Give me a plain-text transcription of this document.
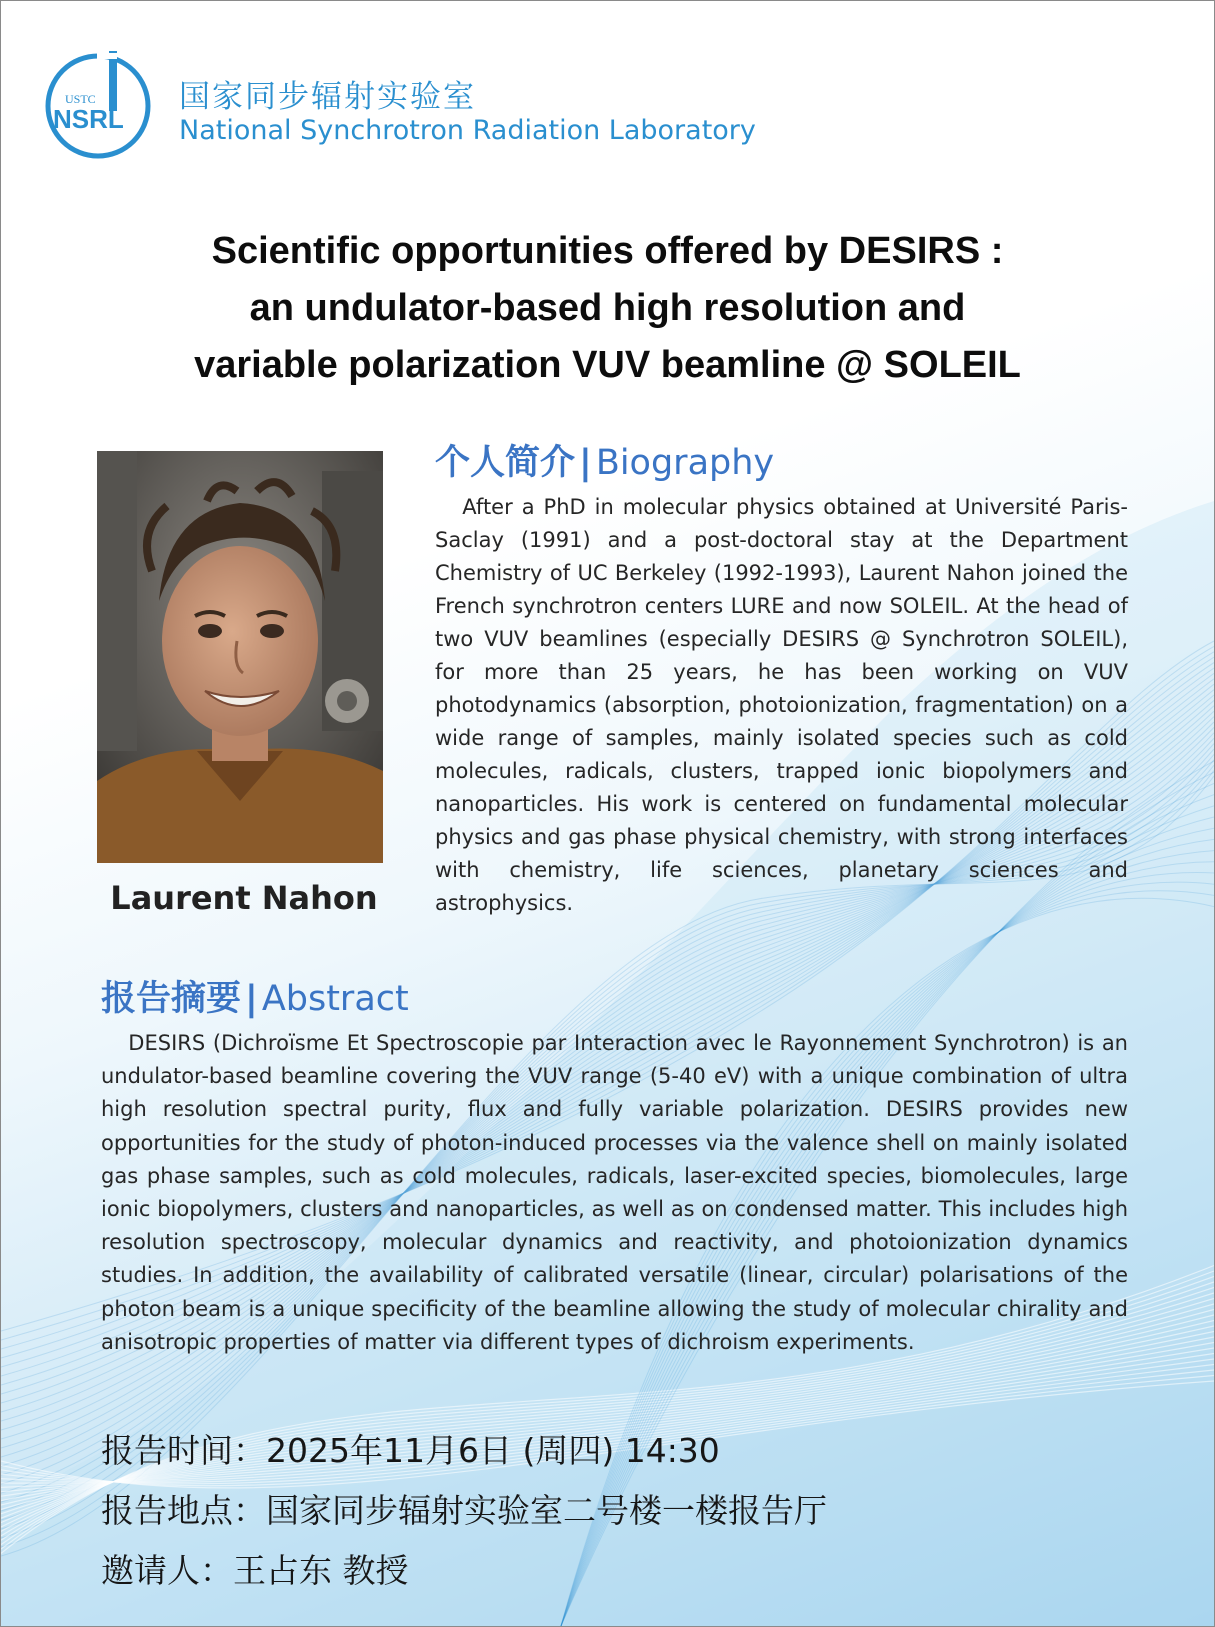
USTC
NSRL
国家同步辐射实验室
National Synchrotron Radiation Laboratory
Scientific opportunities offered by DESIRS :
an undulator-based high resolution and
variable polarization VUV beamline @ SOLEIL
Laurent Nahon
个人简介 | Biography
After a PhD in molecular physics obtained at Université Paris-Saclay (1991) and a post-doctoral stay at the Department Chemistry of UC Berkeley (1992-1993), Laurent Nahon joined the French synchrotron centers LURE and now SOLEIL. At the head of two VUV beamlines (especially DESIRS @ Synchrotron SOLEIL), for more than 25 years, he has been working on VUV photodynamics (absorption, photoionization, fragmentation) on a wide range of samples, mainly isolated species such as cold molecules, radicals, clusters, trapped ionic biopolymers and nanoparticles. His work is centered on fundamental molecular physics and gas phase physical chemistry, with strong interfaces with chemistry, life sciences, planetary sciences and astrophysics.
报告摘要 | Abstract
DESIRS (Dichroïsme Et Spectroscopie par Interaction avec le Rayonnement Synchrotron) is an undulator-based beamline covering the VUV range (5-40 eV) with a unique combination of ultra high resolution spectral purity, flux and fully variable polarization. DESIRS provides new opportunities for the study of photon-induced processes via the valence shell on mainly isolated gas phase samples, such as cold molecules, radicals, laser-excited species, biomolecules, large ionic biopolymers, clusters and nanoparticles, as well as on condensed matter. This includes high resolution spectroscopy, molecular dynamics and reactivity, and photoionization dynamics studies. In addition, the availability of calibrated versatile (linear, circular) polarisations of the photon beam is a unique specificity of the beamline allowing the study of molecular chirality and anisotropic properties of matter via different types of dichroism experiments.
报告时间：2025年11月6日 (周四) 14:30
报告地点：国家同步辐射实验室二号楼一楼报告厅
邀请人：王占东 教授
